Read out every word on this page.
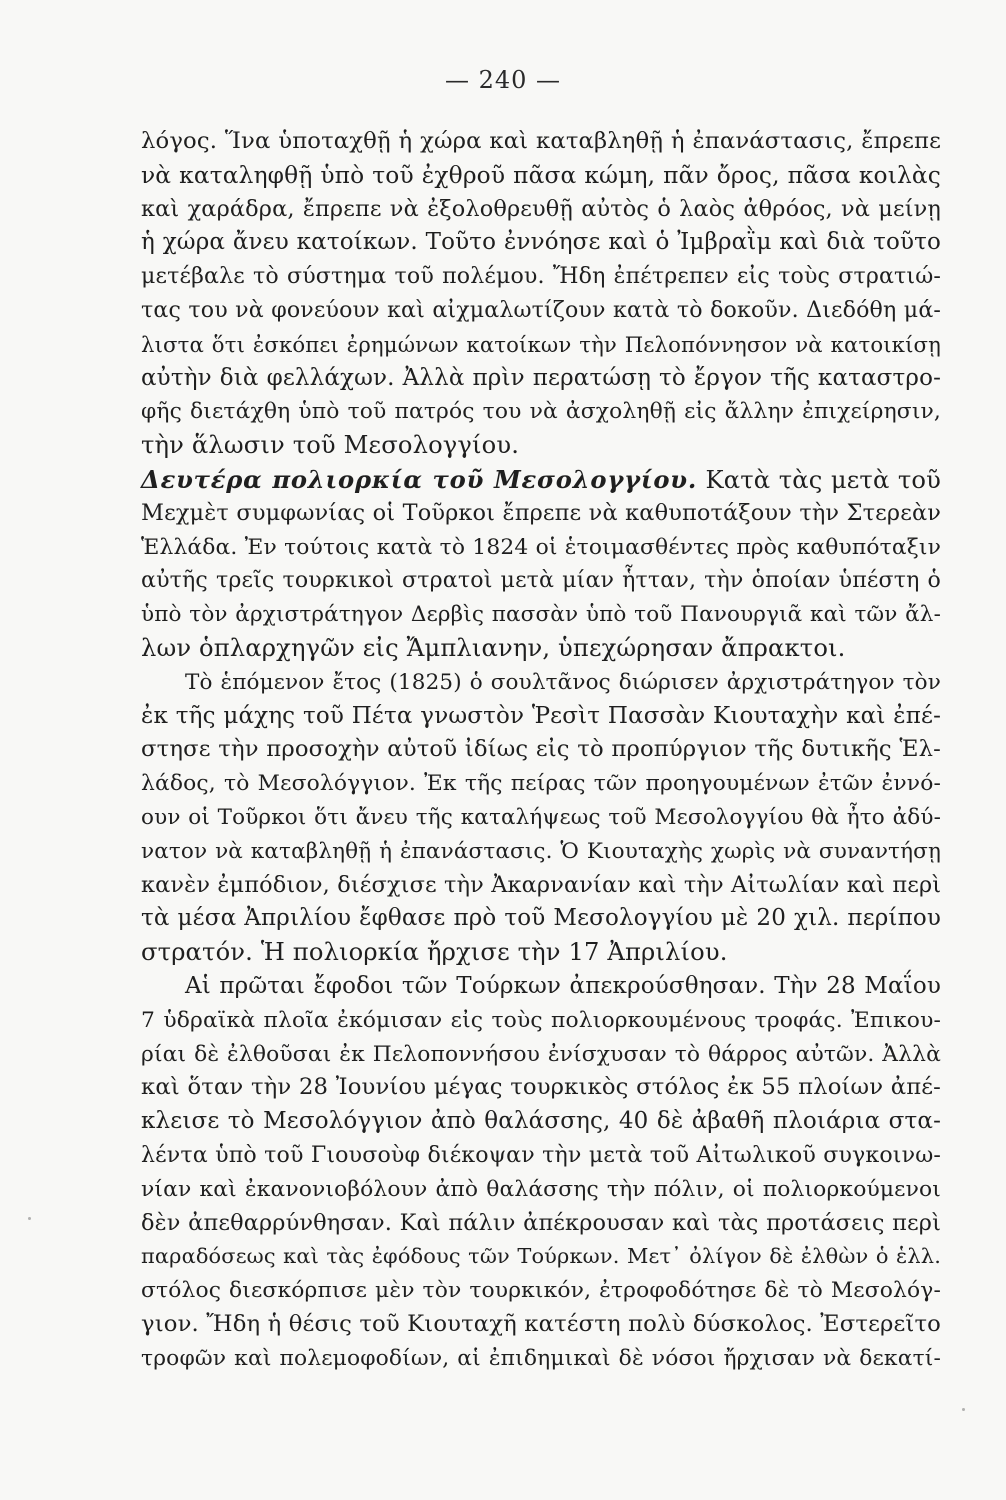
— 240 —
λόγος. Ἵνα ὑποταχθῇ ἡ χώρα καὶ καταβληθῇ ἡ ἐπανάστασις, ἔπρεπε
νὰ καταληφθῇ ὑπὸ τοῦ ἐχθροῦ πᾶσα κώμη, πᾶν ὄρος, πᾶσα κοιλὰς
καὶ χαράδρα, ἔπρεπε νὰ ἐξολοθρευθῇ αὐτὸς ὁ λαὸς ἀθρόος, νὰ μείνῃ
ἡ χώρα ἄνευ κατοίκων. Τοῦτο ἐννόησε καὶ ὁ Ἰμβραῒμ καὶ διὰ τοῦτο
μετέβαλε τὸ σύστημα τοῦ πολέμου. Ἤδη ἐπέτρεπεν εἰς τοὺς στρατιώ-
τας του νὰ φονεύουν καὶ αἰχμαλωτίζουν κατὰ τὸ δοκοῦν. Διεδόθη μά-
λιστα ὅτι ἐσκόπει ἐρημώνων κατοίκων τὴν Πελοπόννησον νὰ κατοικίσῃ
αὐτὴν διὰ φελλάχων. Ἀλλὰ πρὶν περατώσῃ τὸ ἔργον τῆς καταστρο-
φῆς διετάχθη ὑπὸ τοῦ πατρός του νὰ ἀσχοληθῇ εἰς ἄλλην ἐπιχείρησιν,
τὴν ἅλωσιν τοῦ Μεσολογγίου.
Δευτέρα πολιορκία τοῦ Μεσολογγίου. Κατὰ τὰς μετὰ τοῦ
Μεχμὲτ συμφωνίας οἱ Τοῦρκοι ἔπρεπε νὰ καθυποτάξουν τὴν Στερεὰν
Ἑλλάδα. Ἐν τούτοις κατὰ τὸ 1824 οἱ ἑτοιμασθέντες πρὸς καθυπόταξιν
αὐτῆς τρεῖς τουρκικοὶ στρατοὶ μετὰ μίαν ἧτταν, τὴν ὁποίαν ὑπέστη ὁ
ὑπὸ τὸν ἀρχιστράτηγον Δερβὶς πασσὰν ὑπὸ τοῦ Πανουργιᾶ καὶ τῶν ἄλ-
λων ὁπλαρχηγῶν εἰς Ἄμπλιανην, ὑπεχώρησαν ἄπρακτοι.
Τὸ ἑπόμενον ἔτος (1825) ὁ σουλτᾶνος διώρισεν ἀρχιστράτηγον τὸν
ἐκ τῆς μάχης τοῦ Πέτα γνωστὸν Ῥεσὶτ Πασσὰν Κιουταχὴν καὶ ἐπέ-
στησε τὴν προσοχὴν αὐτοῦ ἰδίως εἰς τὸ προπύργιον τῆς δυτικῆς Ἑλ-
λάδος, τὸ Μεσολόγγιον. Ἐκ τῆς πείρας τῶν προηγουμένων ἐτῶν ἐννό-
ουν οἱ Τοῦρκοι ὅτι ἄνευ τῆς καταλήψεως τοῦ Μεσολογγίου θὰ ἦτο ἀδύ-
νατον νὰ καταβληθῇ ἡ ἐπανάστασις. Ὁ Κιουταχὴς χωρὶς νὰ συναντήσῃ
κανὲν ἐμπόδιον, διέσχισε τὴν Ἀκαρνανίαν καὶ τὴν Αἰτωλίαν καὶ περὶ
τὰ μέσα Ἀπριλίου ἔφθασε πρὸ τοῦ Μεσολογγίου μὲ 20 χιλ. περίπου
στρατόν. Ἡ πολιορκία ἤρχισε τὴν 17 Ἀπριλίου.
Αἱ πρῶται ἔφοδοι τῶν Τούρκων ἀπεκρούσθησαν. Τὴν 28 Μαΐου
7 ὑδραϊκὰ πλοῖα ἐκόμισαν εἰς τοὺς πολιορκουμένους τροφάς. Ἐπικου-
ρίαι δὲ ἐλθοῦσαι ἐκ Πελοποννήσου ἐνίσχυσαν τὸ θάρρος αὐτῶν. Ἀλλὰ
καὶ ὅταν τὴν 28 Ἰουνίου μέγας τουρκικὸς στόλος ἐκ 55 πλοίων ἀπέ-
κλεισε τὸ Μεσολόγγιον ἀπὸ θαλάσσης, 40 δὲ ἀβαθῆ πλοιάρια στα-
λέντα ὑπὸ τοῦ Γιουσοὺφ διέκοψαν τὴν μετὰ τοῦ Αἰτωλικοῦ συγκοινω-
νίαν καὶ ἐκανονιοβόλουν ἀπὸ θαλάσσης τὴν πόλιν, οἱ πολιορκούμενοι
δὲν ἀπεθαρρύνθησαν. Καὶ πάλιν ἀπέκρουσαν καὶ τὰς προτάσεις περὶ
παραδόσεως καὶ τὰς ἐφόδους τῶν Τούρκων. Μετ᾽ ὀλίγον δὲ ἐλθὼν ὁ ἑλλ.
στόλος διεσκόρπισε μὲν τὸν τουρκικόν, ἐτροφοδότησε δὲ τὸ Μεσολόγ-
γιον. Ἤδη ἡ θέσις τοῦ Κιουταχῆ κατέστη πολὺ δύσκολος. Ἐστερεῖτο
τροφῶν καὶ πολεμοφοδίων, αἱ ἐπιδημικαὶ δὲ νόσοι ἤρχισαν νὰ δεκατί-
